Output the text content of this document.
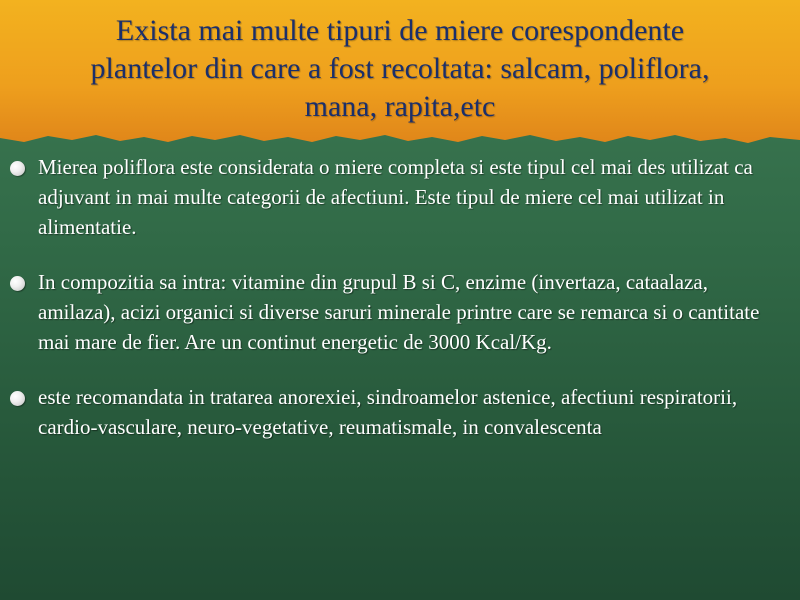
Exista mai multe tipuri de miere corespondente
plantelor din care a fost recoltata: salcam, poliflora,
mana, rapita,etc
Mierea poliflora este considerata o miere completa si este tipul cel mai des utilizat ca adjuvant in mai multe categorii de afectiuni. Este tipul de miere cel mai utilizat in alimentatie.
In compozitia sa intra: vitamine din grupul B si C, enzime (invertaza, cataalaza, amilaza), acizi organici si diverse saruri minerale printre care se remarca si o cantitate mai mare de fier. Are un continut energetic de 3000 Kcal/Kg.
este recomandata in tratarea anorexiei, sindroamelor astenice, afectiuni respiratorii, cardio-vasculare, neuro-vegetative, reumatismale, in convalescenta
